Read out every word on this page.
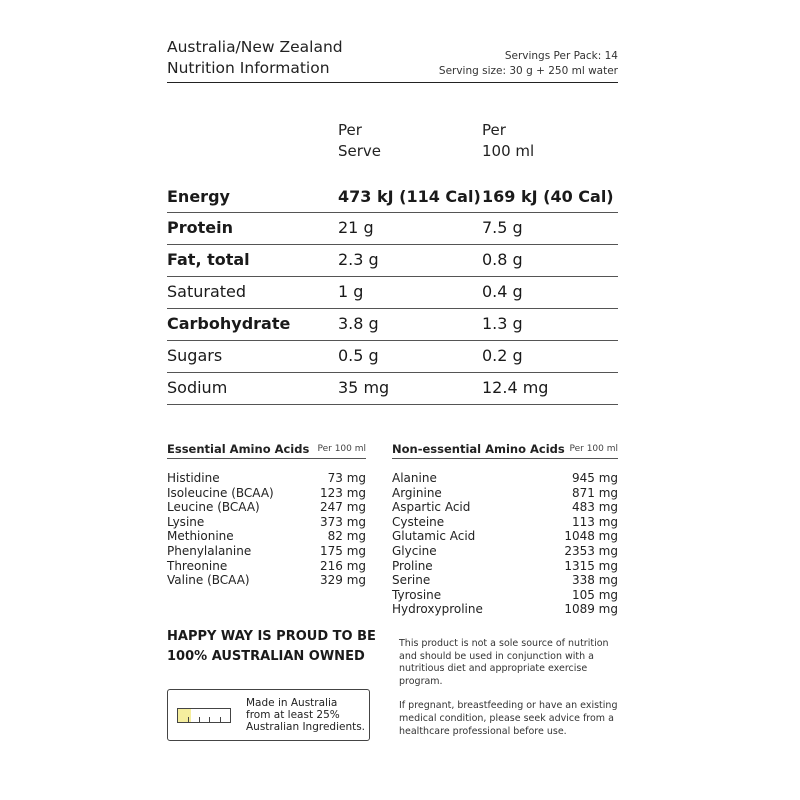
Australia/New Zealand
Nutrition Information
Servings Per Pack: 14
Serving size: 30 g + 250 ml water
Per
Serve
Per
100 ml
Energy	473 kJ (114 Cal) 169 kJ (40 Cal)
Protein	21 g	7.5 g
Fat, total	2.3 g	0.8 g
Saturated	1 g	0.4 g
Carbohydrate	3.8 g	1.3 g
Sugars	0.5 g	0.2 g
Sodium	35 mg	12.4 mg
Essential Amino Acids Per 100 ml
Histidine	73 mg
Isoleucine (BCAA)	123 mg
Leucine (BCAA)	247 mg
Lysine	373 mg
Methionine	82 mg
Phenylalanine	175 mg
Threonine	216 mg
Valine (BCAA)	329 mg
Non-essential Amino Acids Per 100 ml
Alanine	945 mg
Arginine	871 mg
Aspartic Acid	483 mg
Cysteine	113 mg
Glutamic Acid	1048 mg
Glycine	2353 mg
Proline	1315 mg
Serine	338 mg
Tyrosine	105 mg
Hydroxyproline	1089 mg
HAPPY WAY IS PROUD TO BE
100% AUSTRALIAN OWNED
Made in Australia
from at least 25%
Australian Ingredients.

This product is not a sole source of nutrition and should be used in conjunction with a nutritious diet and appropriate exercise program.

If pregnant, breastfeeding or have an existing medical condition, please seek advice from a healthcare professional before use.
